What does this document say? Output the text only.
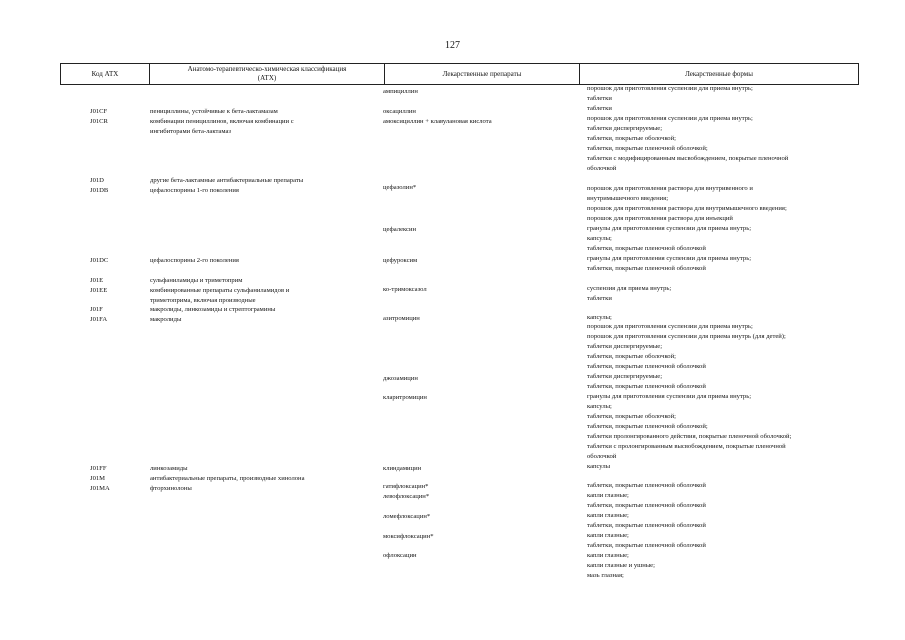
127
Код АТХ
Анатомо-терапевтическо-химическая классификация
(АТХ)
Лекарственные препараты	Лекарственные формы
J01CF
J01CR
J01D
J01DB
J01DC
J01E
J01EE
J01F
J01FA
J01FF
J01M
J01MA
пенициллины, устойчивые к бета-лактамазам
комбинации пенициллинов, включая комбинации с
ингибиторами бета-лактамаз
другие бета-лактамные антибактериальные препараты
цефалоспорины 1-го поколения
цефалоспорины 2-го поколения
сульфаниламиды и триметоприм
комбинированные препараты сульфаниламидов и
триметоприма, включая производные
макролиды, линкозамиды и стрептограмины
макролиды
линкозамиды
антибактериальные препараты, производные хинолона
фторхинолоны
ампициллин
оксациллин
амоксициллин + клавулановая кислота
цефазолин*
цефалексин
цефуроксим
ко-тримоксазол
азитромицин
джозамицин
кларитромицин
клиндамицин
гатифлоксацин*
левофлоксацин*
ломефлоксацин*
моксифлоксацин*
офлоксацин
порошок для приготовления суспензии для приема внутрь;
таблетки
таблетки
порошок для приготовления суспензии для приема внутрь;
таблетки диспергируемые;
таблетки, покрытые оболочкой;
таблетки, покрытые пленочной оболочкой;
таблетки с модифицированным высвобождением, покрытые пленочной
оболочкой
порошок для приготовления раствора для внутривенного и
внутримышечного введения;
порошок для приготовления раствора для внутримышечного введения;
порошок для приготовления раствора для инъекций
гранулы для приготовления суспензии для приема внутрь;
капсулы;
таблетки, покрытые пленочной оболочкой
гранулы для приготовления суспензии для приема внутрь;
таблетки, покрытые пленочной оболочкой
суспензия для приема внутрь;
таблетки
капсулы;
порошок для приготовления суспензии для приема внутрь;
порошок для приготовления суспензии для приема внутрь (для детей);
таблетки диспергируемые;
таблетки, покрытые оболочкой;
таблетки, покрытые пленочной оболочкой
таблетки диспергируемые;
таблетки, покрытые пленочной оболочкой
гранулы для приготовления суспензии для приема внутрь;
капсулы;
таблетки, покрытые оболочкой;
таблетки, покрытые пленочной оболочкой;
таблетки пролонгированного действия, покрытые пленочной оболочкой;
таблетки с пролонгированным высвобождением, покрытые пленочной
оболочкой
капсулы
таблетки, покрытые пленочной оболочкой
капли глазные;
таблетки, покрытые пленочной оболочкой
капли глазные;
таблетки, покрытые пленочной оболочкой
капли глазные;
таблетки, покрытые пленочной оболочкой
капли глазные;
капли глазные и ушные;
мазь глазная;
